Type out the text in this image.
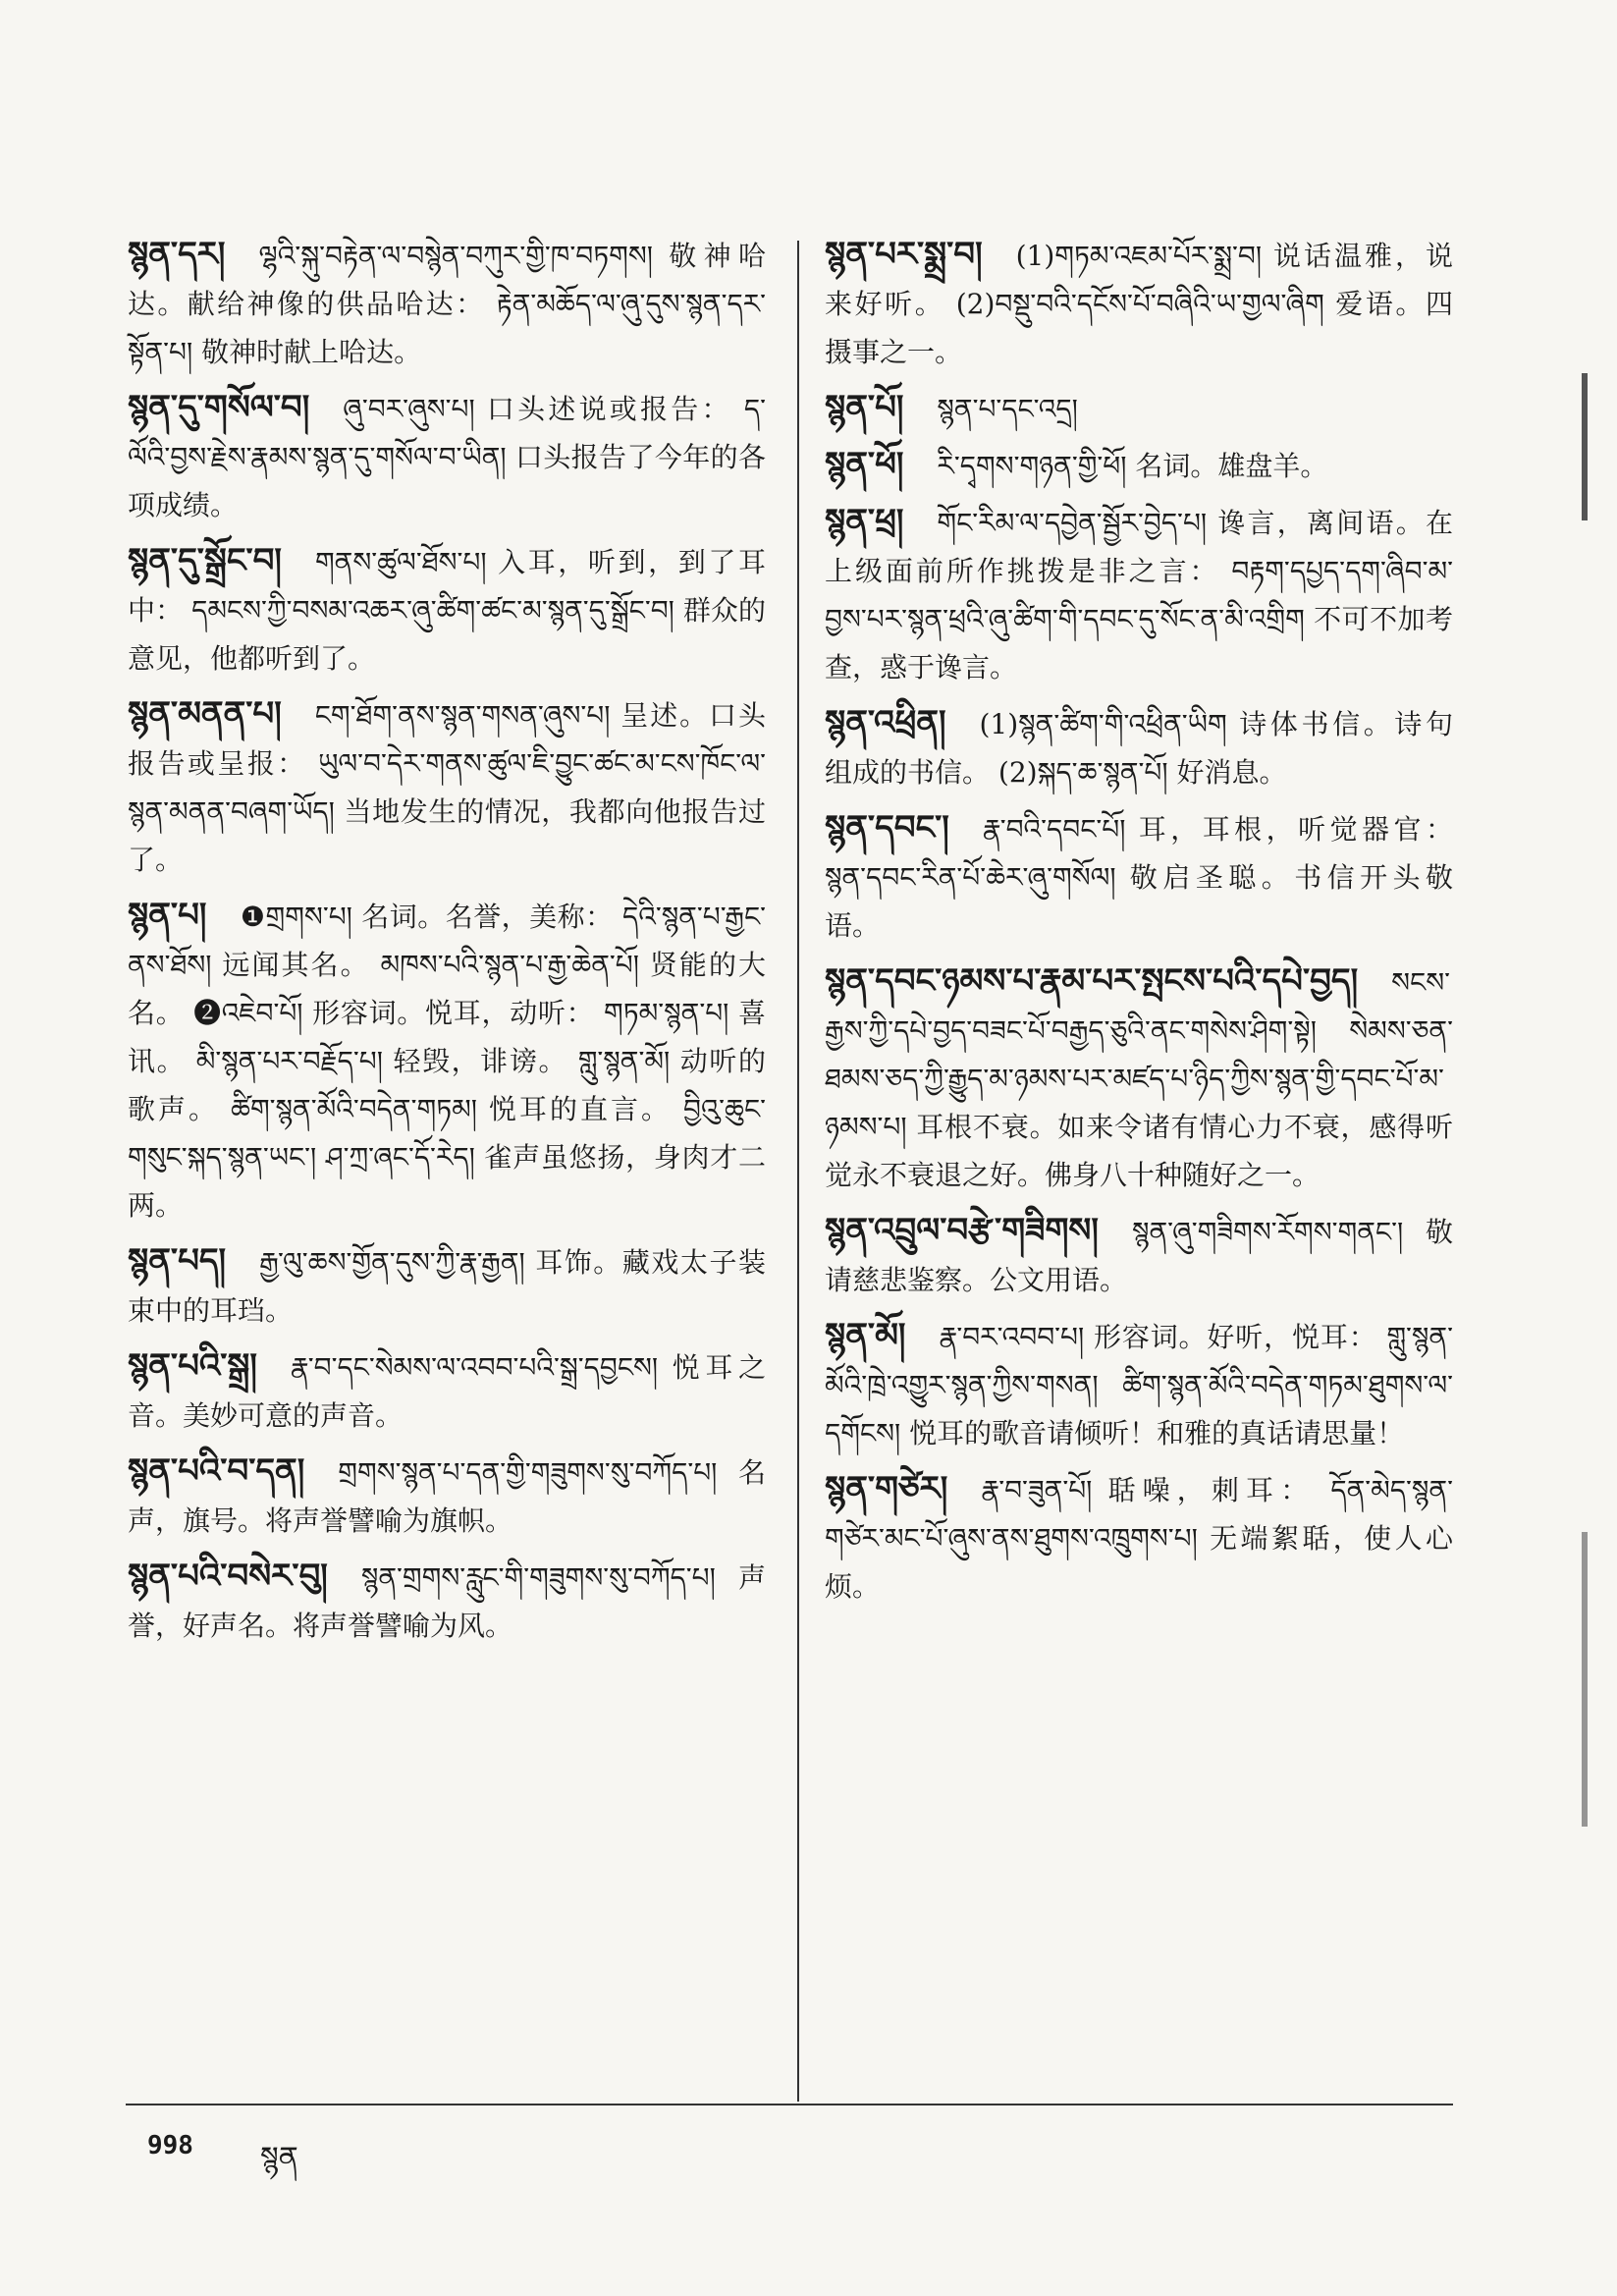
སྙན་དར། ལྷའི་སྐུ་བརྟེན་ལ་བསྙེན་བཀུར་གྱི་ཁ་བཏགས། 敬神哈达。献给神像的供品哈达： རྟེན་མཆོད་ལ་ཞུ་དུས་སྙན་དར་སྟོན་པ། 敬神时献上哈达。
སྙན་དུ་གསོལ་བ། ཞུ་བར་ཞུས་པ། 口头述说或报告： ད་ལོའི་བྱས་རྗེས་རྣམས་སྙན་དུ་གསོལ་བ་ཡིན། 口头报告了今年的各项成绩。
སྙན་དུ་སྒྲོང་བ། གནས་ཚུལ་ཐོས་པ། 入耳，听到，到了耳中： དམངས་ཀྱི་བསམ་འཆར་ཞུ་ཚིག་ཚང་མ་སྙན་དུ་སྒྲོང་བ། 群众的意见，他都听到了。
སྙན་མནན་པ། ངག་ཐོག་ནས་སྙན་གསན་ཞུས་པ། 呈述。口头报告或呈报： ཡུལ་བ་དེར་གནས་ཚུལ་ཇི་བྱུང་ཚང་མ་ངས་ཁོང་ལ་སྙན་མནན་བཞག་ཡོད། 当地发生的情况，我都向他报告过了。
སྙན་པ། ❶གྲགས་པ། 名词。名誉，美称： དེའི་སྙན་པ་རྒྱང་ནས་ཐོས། 远闻其名。 མཁས་པའི་སྙན་པ་རྒྱ་ཆེན་པོ། 贤能的大名。 ❷འཇེབ་པོ། 形容词。悦耳，动听： གཏམ་སྙན་པ། 喜讯。 མི་སྙན་པར་བརྗོད་པ། 轻毁，诽谤。 གླུ་སྙན་མོ། 动听的歌声。 ཚིག་སྙན་མོའི་བདེན་གཏམ། 悦耳的直言。 བྱིའུ་ཆུང་གསུང་སྐད་སྙན་ཡང་། ཤ་ཀྲ་ཞང་དོ་རེད། 雀声虽悠扬，身肉才二两。
སྙན་པད། རྒྱ་ལུ་ཆས་གྱོན་དུས་ཀྱི་རྣ་རྒྱན། 耳饰。藏戏太子装束中的耳珰。
སྙན་པའི་སྒྲ། རྣ་བ་དང་སེམས་ལ་འབབ་པའི་སྒྲ་དབྱངས། 悦耳之音。美妙可意的声音。
སྙན་པའི་བ་དན། གྲགས་སྙན་པ་དན་གྱི་གཟུགས་སུ་བཀོད་པ། 名声，旗号。将声誉譬喻为旗帜。
སྙན་པའི་བསེར་བུ། སྙན་གྲགས་རླུང་གི་གཟུགས་སུ་བཀོད་པ། 声誉，好声名。将声誉譬喻为风。
སྙན་པར་སྨྲ་བ། (1)གཏམ་འཇམ་པོར་སྨྲ་བ། 说话温雅，说来好听。 (2)བསྡུ་བའི་དངོས་པོ་བཞིའི་ཡ་གྱལ་ཞིག 爱语。四摄事之一。
སྙན་པོ། སྙན་པ་དང་འདྲ།
སྙན་ཕོ། རི་དྭགས་གཉན་གྱི་ཕོ། 名词。雄盘羊。
སྙན་ཕྲ། གོང་རིམ་ལ་དབྱེན་སྦྱོར་བྱེད་པ། 谗言，离间语。在上级面前所作挑拨是非之言： བརྟག་དཔྱད་དག་ཞིབ་མ་བྱས་པར་སྙན་ཕྲའི་ཞུ་ཚིག་གི་དབང་དུ་སོང་ན་མི་འགྲིག 不可不加考查，惑于谗言。
སྙན་འཕྲིན། (1)སྙན་ཚིག་གི་འཕྲིན་ཡིག 诗体书信。诗句组成的书信。 (2)སྐད་ཆ་སྙན་པོ། 好消息。
སྙན་དབང་། རྣ་བའི་དབང་པོ། 耳，耳根，听觉器官： སྙན་དབང་རིན་པོ་ཆེར་ཞུ་གསོལ། 敬启圣聪。书信开头敬语。
སྙན་དབང་ཉམས་པ་རྣམ་པར་སྤངས་པའི་དཔེ་བྱད། སངས་རྒྱས་ཀྱི་དཔེ་བྱད་བཟང་པོ་བརྒྱད་ཅུའི་ནང་གསེས་ཤིག་སྟེ། སེམས་ཅན་ཐམས་ཅད་ཀྱི་རྒྱུད་མ་ཉམས་པར་མཛད་པ་ཉིད་ཀྱིས་སྙན་གྱི་དབང་པོ་མ་ཉམས་པ། 耳根不衰。如来令诸有情心力不衰，感得听觉永不衰退之好。佛身八十种随好之一。
སྙན་འབྲུལ་བརྩེ་གཟིགས། སྙན་ཞུ་གཟིགས་རོགས་གནང་། 敬请慈悲鉴察。公文用语。
སྙན་མོ། རྣ་བར་འབབ་པ། 形容词。好听，悦耳： གླུ་སྙན་མོའི་ཁྲེ་འགྱུར་སྙན་ཀྱིས་གསན། ཚིག་སྙན་མོའི་བདེན་གཏམ་ཐུགས་ལ་དགོངས། 悦耳的歌音请倾听！和雅的真话请思量！
སྙན་གཙེར། རྣ་བ་ཟུན་པོ། 聒噪，刺耳： དོན་མེད་སྙན་གཙེར་མང་པོ་ཞུས་ནས་ཐུགས་འཁྲུགས་པ། 无端絮聒，使人心烦。
998 སྙན
